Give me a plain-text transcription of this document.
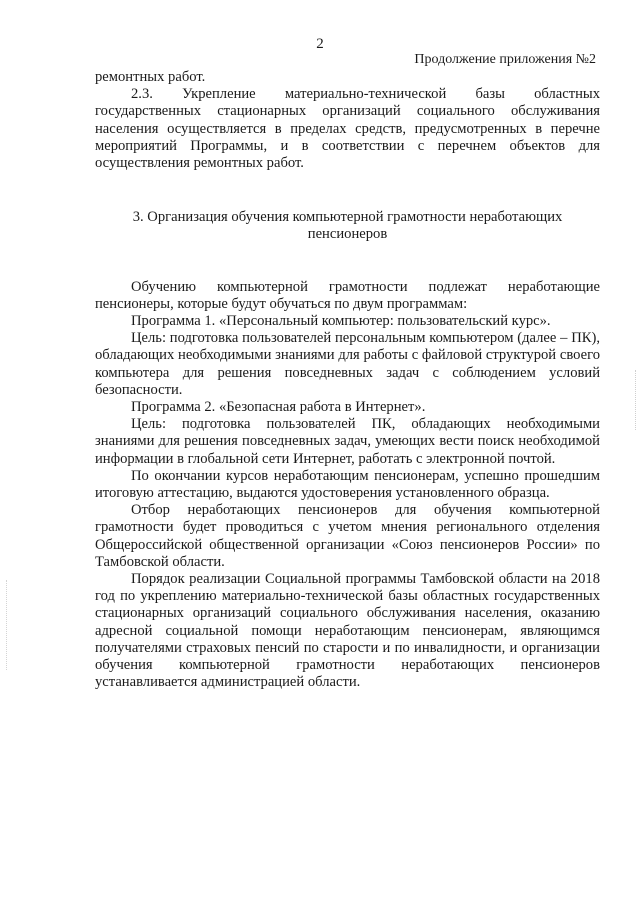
2
Продолжение приложения №2

ремонтных работ.

2.3. Укрепление материально-технической базы областных государственных стационарных организаций социального обслуживания населения осуществляется в пределах средств, предусмотренных в перечне мероприятий Программы, и в соответствии с перечнем объектов для осуществления ремонтных работ.

3. Организация обучения компьютерной грамотности неработающих пенсионеров

Обучению компьютерной грамотности подлежат неработающие пенсионеры, которые будут обучаться по двум программам:

Программа 1. «Персональный компьютер: пользовательский курс».

Цель: подготовка пользователей персональным компьютером (далее – ПК), обладающих необходимыми знаниями для работы с файловой структурой своего компьютера для решения повседневных задач с соблюдением условий безопасности.

Программа 2. «Безопасная работа в Интернет».

Цель: подготовка пользователей ПК, обладающих необходимыми знаниями для решения повседневных задач, умеющих вести поиск необходимой информации в глобальной сети Интернет, работать с электронной почтой.

По окончании курсов неработающим пенсионерам, успешно прошедшим итоговую аттестацию, выдаются удостоверения установленного образца.

Отбор неработающих пенсионеров для обучения компьютерной грамотности будет проводиться с учетом мнения регионального отделения Общероссийской общественной организации «Союз пенсионеров России» по Тамбовской области.

Порядок реализации Социальной программы Тамбовской области на 2018 год по укреплению материально-технической базы областных государственных стационарных организаций социального обслуживания населения, оказанию адресной социальной помощи неработающим пенсионерам, являющимся получателями страховых пенсий по старости и по инвалидности, и организации обучения компьютерной грамотности неработающих пенсионеров устанавливается администрацией области.
